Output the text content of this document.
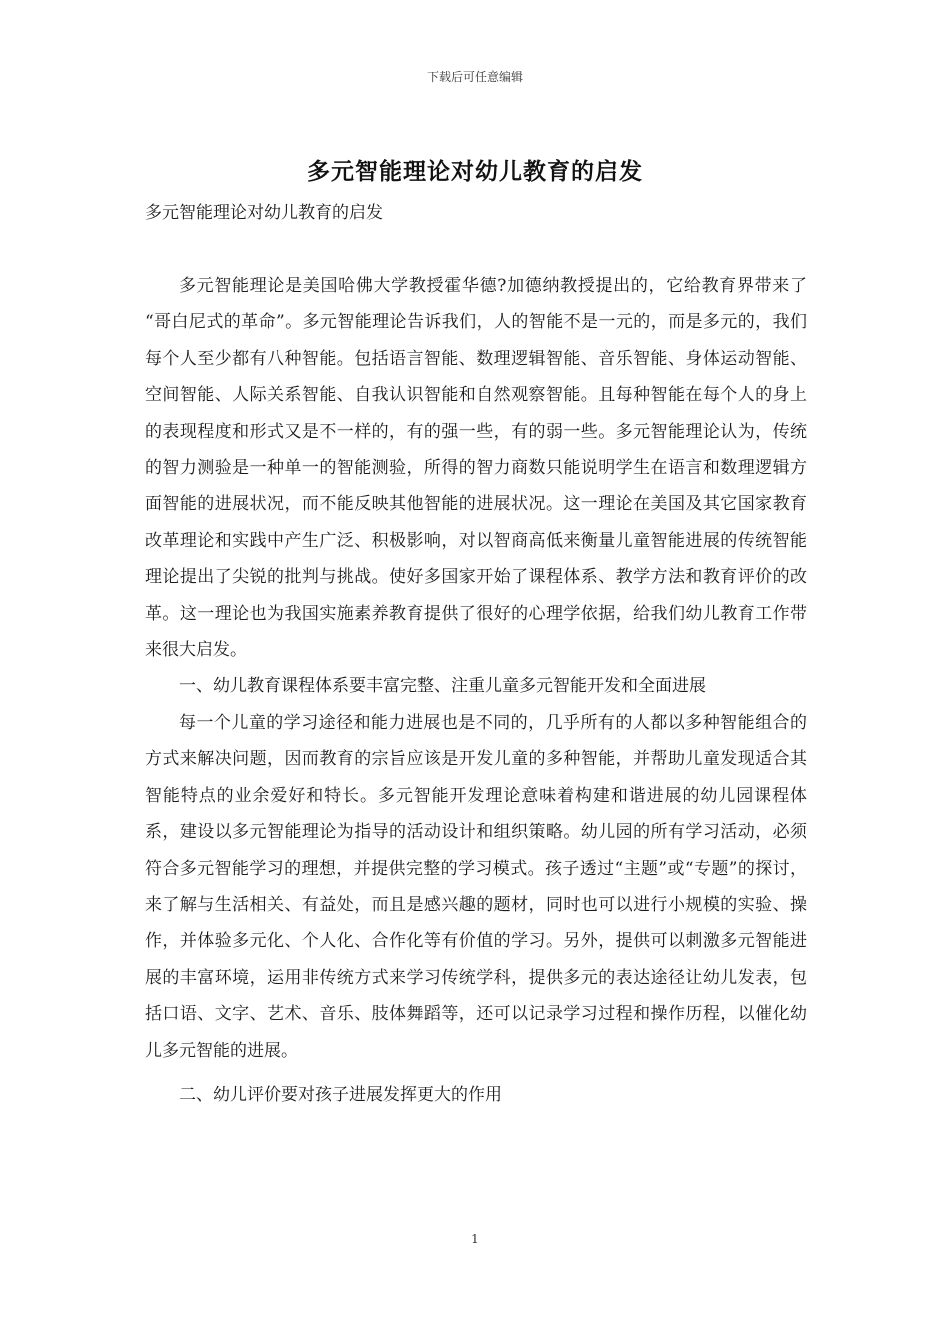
下载后可任意编辑
多元智能理论对幼儿教育的启发
多元智能理论对幼儿教育的启发

多元智能理论是美国哈佛大学教授霍华德?加德纳教授提出的，它给教育界带来了 “哥白尼式的革命”。多元智能理论告诉我们，人的智能不是一元的，而是多元的，我们每个人至少都有八种智能。包括语言智能、数理逻辑智能、音乐智能、身体运动智能、空间智能、人际关系智能、自我认识智能和自然观察智能。且每种智能在每个人的身上的表现程度和形式又是不一样的，有的强一些，有的弱一些。多元智能理论认为，传统的智力测验是一种单一的智能测验，所得的智力商数只能说明学生在语言和数理逻辑方面智能的进展状况，而不能反映其他智能的进展状况。这一理论在美国及其它国家教育改革理论和实践中产生广泛、积极影响，对以智商高低来衡量儿童智能进展的传统智能理论提出了尖锐的批判与挑战。使好多国家开始了课程体系、教学方法和教育评价的改革。这一理论也为我国实施素养教育提供了很好的心理学依据，给我们幼儿教育工作带来很大启发。

一、幼儿教育课程体系要丰富完整、注重儿童多元智能开发和全面进展

每一个儿童的学习途径和能力进展也是不同的，几乎所有的人都以多种智能组合的方式来解决问题，因而教育的宗旨应该是开发儿童的多种智能，并帮助儿童发现适合其智能特点的业余爱好和特长。多元智能开发理论意味着构建和谐进展的幼儿园课程体系，建设以多元智能理论为指导的活动设计和组织策略。幼儿园的所有学习活动，必须符合多元智能学习的理想，并提供完整的学习模式。孩子透过“主题”或“专题”的探讨，来了解与生活相关、有益处，而且是感兴趣的题材，同时也可以进行小规模的实验、操作，并体验多元化、个人化、合作化等有价值的学习。另外，提供可以刺激多元智能进展的丰富环境，运用非传统方式来学习传统学科，提供多元的表达途径让幼儿发表，包括口语、文字、艺术、音乐、肢体舞蹈等，还可以记录学习过程和操作历程，以催化幼儿多元智能的进展。

二、幼儿评价要对孩子进展发挥更大的作用

1
